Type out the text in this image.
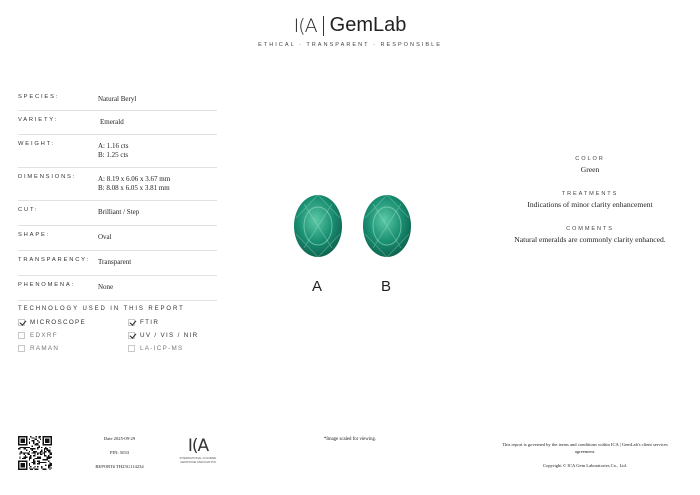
I(A GemLab
ETHICAL · TRANSPARENT · RESPONSIBLE
SPECIES:	Natural Beryl
VARIETY:	Emerald
WEIGHT:	A: 1.16 cts
B: 1.25 cts
DIMENSIONS:	A: 8.19 x 6.06 x 3.67 mm
B: 8.08 x 6.05 x 3.81 mm
CUT:	Brilliant / Step
SHAPE:	Oval
TRANSPARENCY:	Transparent
PHENOMENA:	None
TECHNOLOGY USED IN THIS REPORT
MICROSCOPE	FTIR
EDXRF	UV / VIS / NIR
RAMAN	LA-ICP-MS
A	B
COLOR
Green
TREATMENTS
Indications of minor clarity enhancement
COMMENTS
Natural emeralds are commonly clarity enhanced.
Date 2025-09-29
PIN: 5033
REPORT# TH25G114234
I(A
INTERNATIONAL COLORED GEMSTONE ASSOCIATION
*Image scaled for viewing.
This report is governed by the terms and conditions within ICA | GemLab's client services agreement.
Copyright © ICA Gem Laboratories Co., Ltd.
